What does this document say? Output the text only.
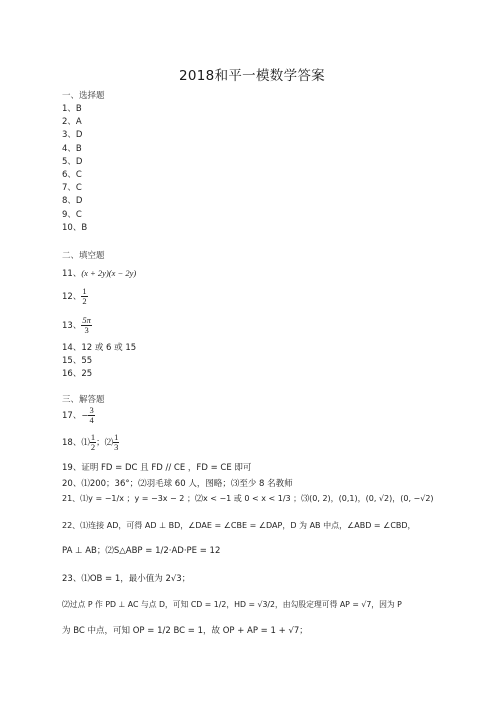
2018和平一模数学答案
一、选择题
1、B
2、A
3、D
4、B
5、D
6、C
7、C
8、D
9、C
10、B
二、填空题
11、(x + 2y)(x − 2y)
12、 $\frac{1}{2}$
13、 $\frac{5\pi}{3}$
14、12 或 6 或 15
15、55
16、25
三、解答题
17、− $\frac{3}{4}$
18、⑴ $\frac{1}{2}$ ；⑵ $\frac{1}{3}$
19、证明 FD = DC 且 FD // CE ，FD = CE 即可
20、⑴200；36°；⑵羽毛球 60 人，图略；⑶至少 8 名教师
21、⑴y = −1/x ；y = −3x − 2 ；⑵x < −1 或 0 < x < 1/3 ；⑶(0, 2)，(0,1)，(0, √2)，(0, −√2)
22、⑴连接 AD，可得 AD ⊥ BD，∠DAE = ∠CBE = ∠DAP，D 为 AB 中点，∠ABD = ∠CBD，
PA ⊥ AB；⑵S△ABP = 1/2·AD·PE = 12
23、⑴OB = 1，最小值为 2√3；
⑵过点 P 作 PD ⊥ AC 与点 D，可知 CD = 1/2，HD = √3/2，由勾股定理可得 AP = √7，因为 P
为 BC 中点，可知 OP = 1/2 BC = 1，故 OP + AP = 1 + √7；
